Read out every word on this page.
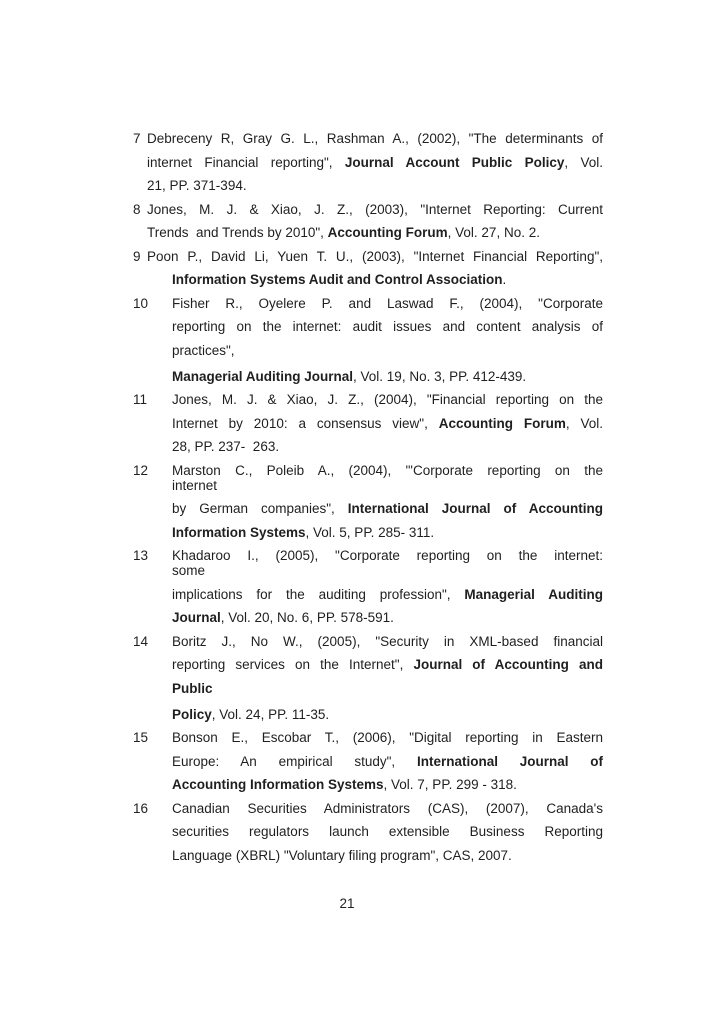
7 Debreceny R, Gray G. L., Rashman A., (2002), "The determinants of
internet Financial reporting", Journal Account Public Policy, Vol.
21, PP. 371-394.
8 Jones, M. J. & Xiao, J. Z., (2003), "Internet Reporting: Current
Trends  and Trends by 2010", Accounting Forum, Vol. 27, No. 2.
9 Poon P., David Li, Yuen T. U., (2003), "Internet Financial Reporting",
Information Systems Audit and Control Association.
10	Fisher R., Oyelere P. and Laswad F., (2004), "Corporate
reporting on the internet: audit issues and content analysis of
practices",
Managerial Auditing Journal, Vol. 19, No. 3, PP. 412-439.
11	Jones, M. J. & Xiao, J. Z., (2004), "Financial reporting on the
Internet by 2010: a consensus view", Accounting Forum, Vol.
28, PP. 237-  263.
12	Marston C., Poleib A., (2004), "'Corporate reporting on the
internet
by German companies", International Journal of Accounting
Information Systems, Vol. 5, PP. 285- 311.
13	Khadaroo I., (2005), "Corporate reporting on the internet:
some
implications for the auditing profession", Managerial Auditing
Journal, Vol. 20, No. 6, PP. 578-591.
14	Boritz J., No W., (2005), "Security in XML-based financial
reporting services on the Internet", Journal of Accounting and
Public
Policy, Vol. 24, PP. 11-35.
15	Bonson E., Escobar T., (2006), "Digital reporting in Eastern
Europe: An empirical study", International Journal of
Accounting Information Systems, Vol. 7, PP. 299 - 318.
16	Canadian Securities Administrators (CAS), (2007), Canada's
securities regulators launch extensible Business Reporting
Language (XBRL) "Voluntary filing program", CAS, 2007.
21
